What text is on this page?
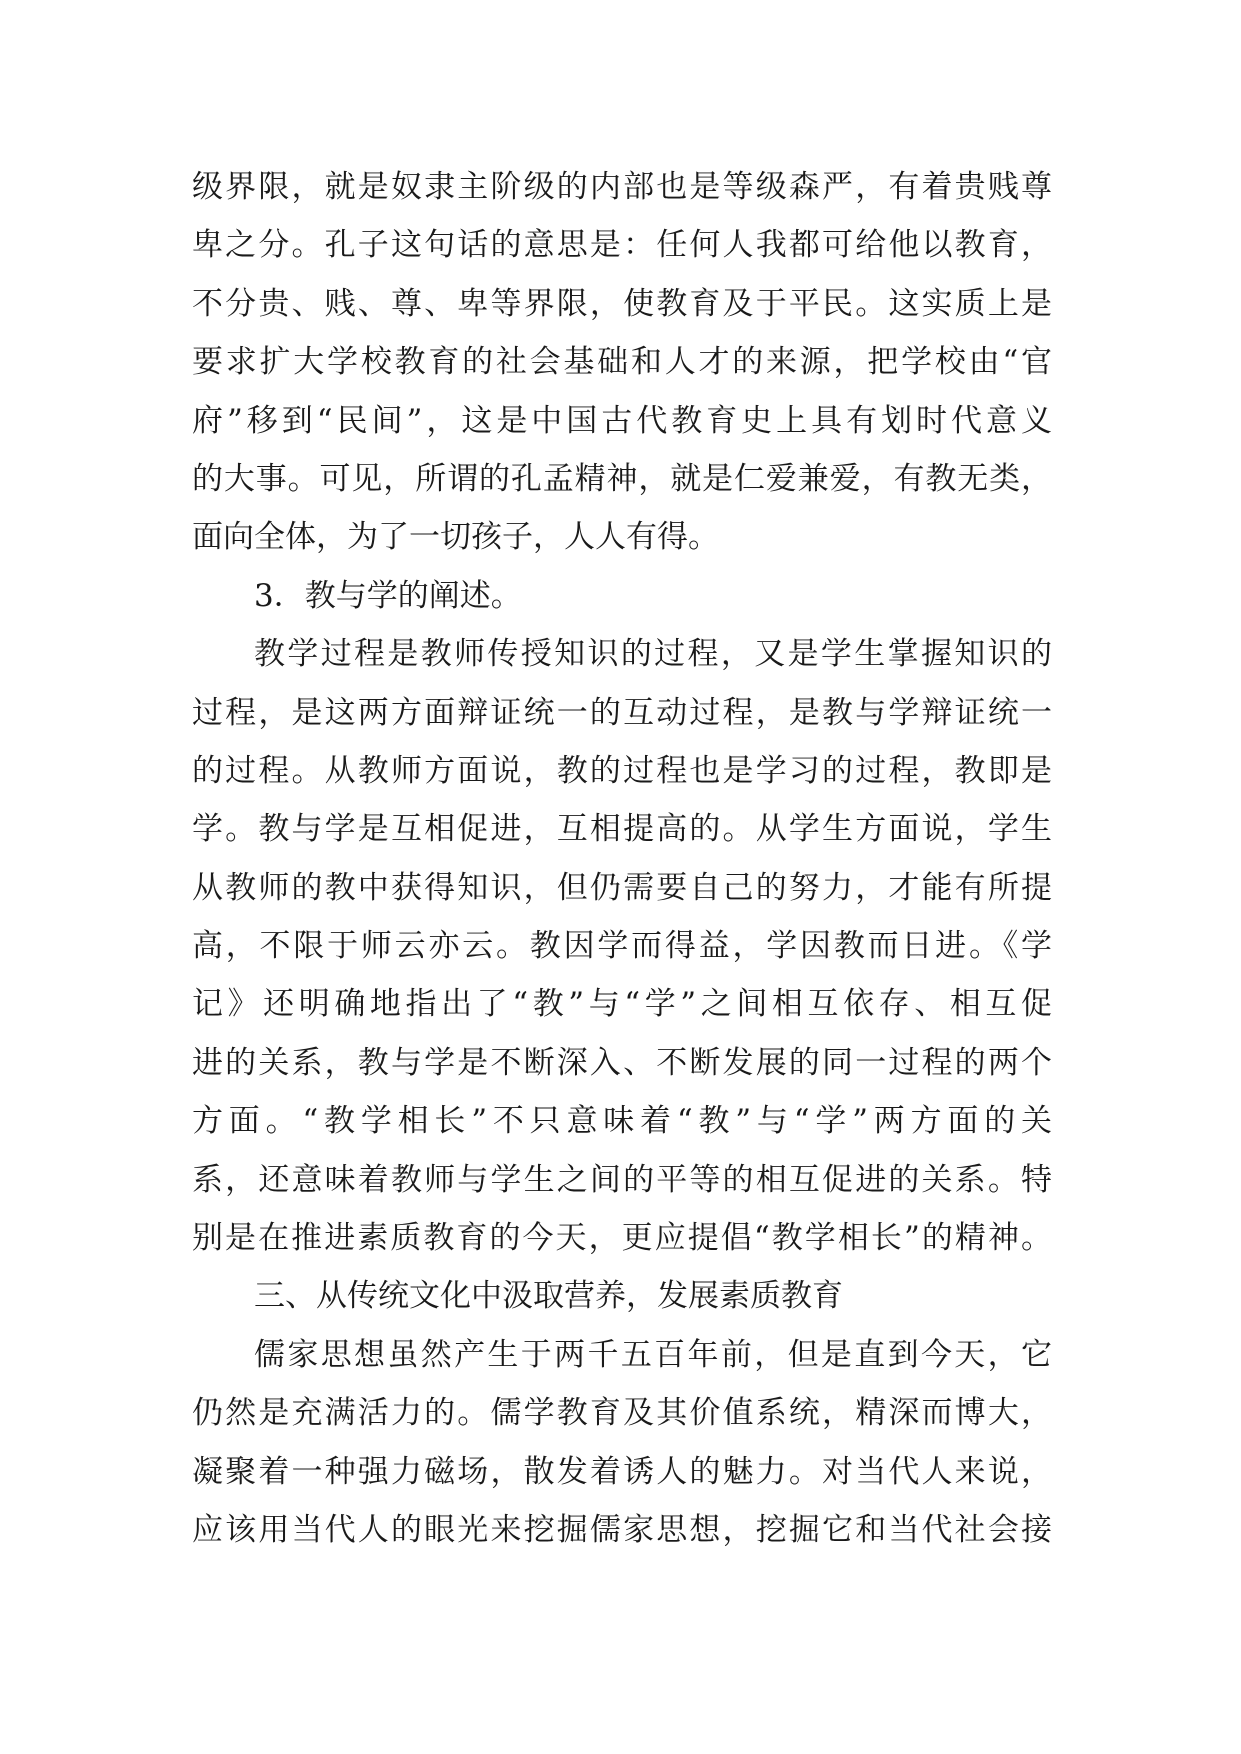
级界限，就是奴隶主阶级的内部也是等级森严，有着贵贱尊
卑之分。孔子这句话的意思是：任何人我都可给他以教育，
不分贵、贱、尊、卑等界限，使教育及于平民。这实质上是
要求扩大学校教育的社会基础和人才的来源，把学校由“官
府”移到“民间”，这是中国古代教育史上具有划时代意义
的大事。可见，所谓的孔孟精神，就是仁爱兼爱，有教无类，
面向全体，为了一切孩子，人人有得。
3．教与学的阐述。
教学过程是教师传授知识的过程，又是学生掌握知识的
过程，是这两方面辩证统一的互动过程，是教与学辩证统一
的过程。从教师方面说，教的过程也是学习的过程，教即是
学。教与学是互相促进，互相提高的。从学生方面说，学生
从教师的教中获得知识，但仍需要自己的努力，才能有所提
高，不限于师云亦云。教因学而得益，学因教而日进。《学
记》还明确地指出了“教”与“学”之间相互依存、相互促
进的关系，教与学是不断深入、不断发展的同一过程的两个
方面。“教学相长”不只意味着“教”与“学”两方面的关
系，还意味着教师与学生之间的平等的相互促进的关系。特
别是在推进素质教育的今天，更应提倡“教学相长”的精神。
三、从传统文化中汲取营养，发展素质教育
儒家思想虽然产生于两千五百年前，但是直到今天，它
仍然是充满活力的。儒学教育及其价值系统，精深而博大，
凝聚着一种强力磁场，散发着诱人的魅力。对当代人来说，
应该用当代人的眼光来挖掘儒家思想，挖掘它和当代社会接
